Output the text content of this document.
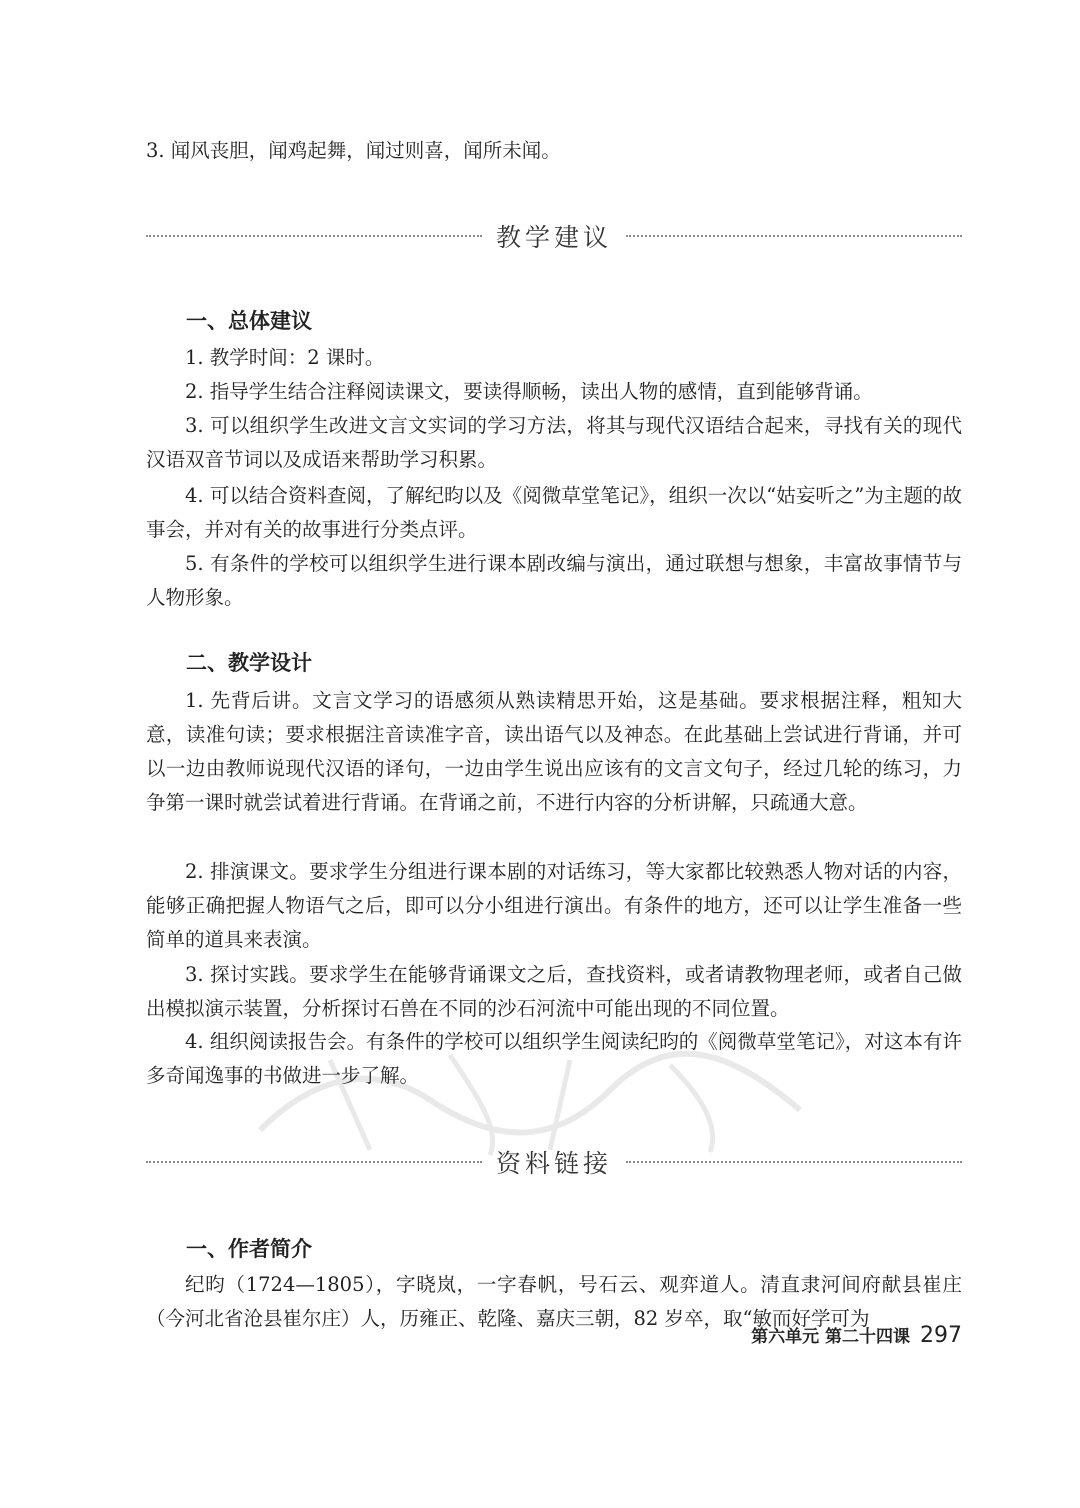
3. 闻风丧胆，闻鸡起舞，闻过则喜，闻所未闻。

教学建议
一、总体建议

1. 教学时间：2 课时。

2. 指导学生结合注释阅读课文，要读得顺畅，读出人物的感情，直到能够背诵。

3. 可以组织学生改进文言文实词的学习方法，将其与现代汉语结合起来，寻找有关的现代汉语双音节词以及成语来帮助学习积累。

4. 可以结合资料查阅，了解纪昀以及《阅微草堂笔记》，组织一次以“姑妄听之”为主题的故事会，并对有关的故事进行分类点评。

5. 有条件的学校可以组织学生进行课本剧改编与演出，通过联想与想象，丰富故事情节与人物形象。

二、教学设计

1. 先背后讲。文言文学习的语感须从熟读精思开始，这是基础。要求根据注释，粗知大意，读准句读；要求根据注音读准字音，读出语气以及神态。在此基础上尝试进行背诵，并可以一边由教师说现代汉语的译句，一边由学生说出应该有的文言文句子，经过几轮的练习，力争第一课时就尝试着进行背诵。在背诵之前，不进行内容的分析讲解，只疏通大意。

2. 排演课文。要求学生分组进行课本剧的对话练习，等大家都比较熟悉人物对话的内容，能够正确把握人物语气之后，即可以分小组进行演出。有条件的地方，还可以让学生准备一些简单的道具来表演。

3. 探讨实践。要求学生在能够背诵课文之后，查找资料，或者请教物理老师，或者自己做出模拟演示装置，分析探讨石兽在不同的沙石河流中可能出现的不同位置。

4. 组织阅读报告会。有条件的学校可以组织学生阅读纪昀的《阅微草堂笔记》，对这本有许多奇闻逸事的书做进一步了解。

资料链接
一、作者简介

纪昀（1724—1805），字晓岚，一字春帆，号石云、观弈道人。清直隶河间府献县崔庄（今河北省沧县崔尔庄）人，历雍正、乾隆、嘉庆三朝，82 岁卒，取“敏而好学可为

第六单元 第二十四课 297
